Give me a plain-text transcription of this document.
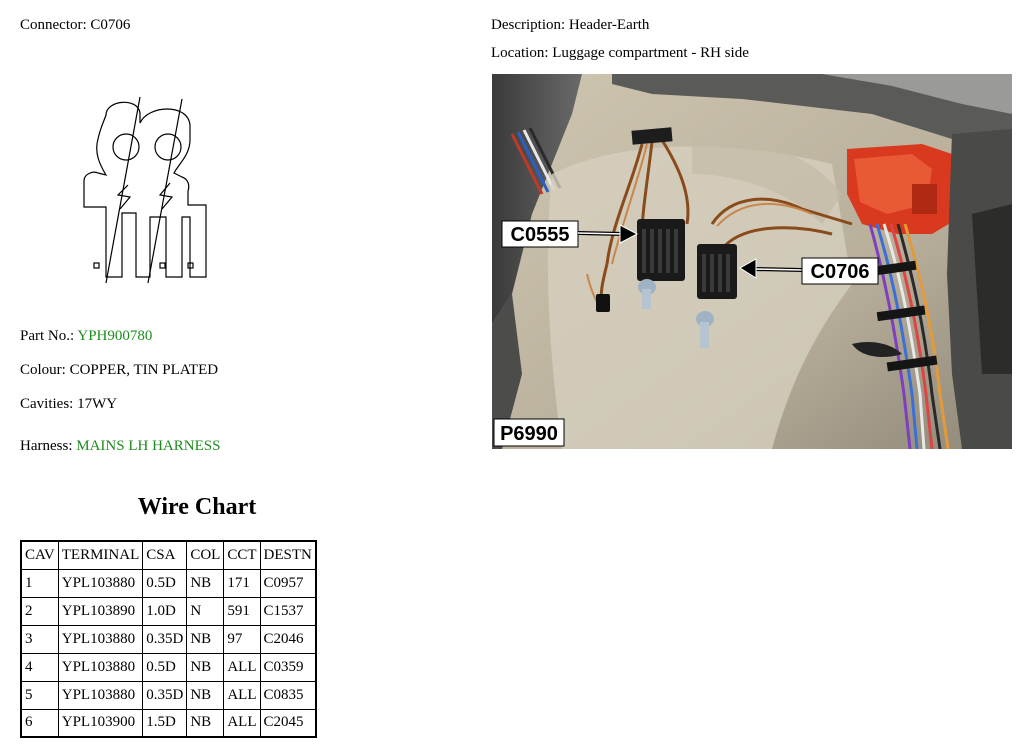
Connector: C0706	Description: Header-Earth
Location: Luggage compartment - RH side
Part No.: YPH900780
Colour: COPPER, TIN PLATED
Cavities: 17WY
Harness: MAINS LH HARNESS
C0555
C0706
P6990
Wire Chart
CAV	TERMINAL	CSA	COL	CCT	DESTN
1	YPL103880	0.5D	NB	171	C0957
2	YPL103890	1.0D	N	591	C1537
3	YPL103880	0.35D	NB	97	C2046
4	YPL103880	0.5D	NB	ALL	C0359
5	YPL103880	0.35D	NB	ALL	C0835
6	YPL103900	1.5D	NB	ALL	C2045
